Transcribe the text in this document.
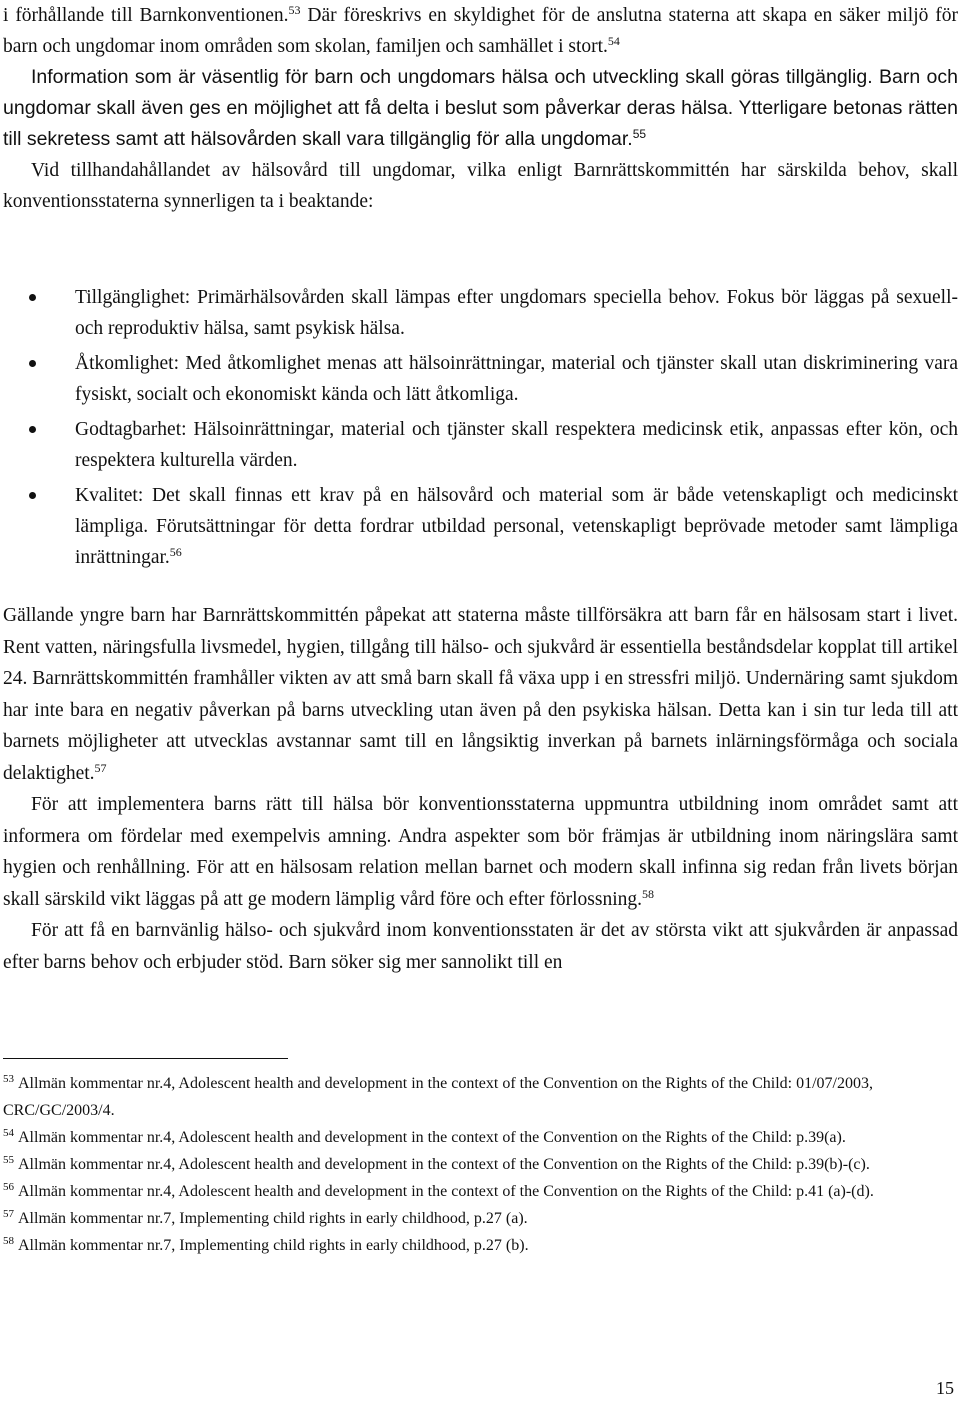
i förhållande till Barnkonventionen.$^{53}$ Där föreskrivs en skyldighet för de anslutna staterna att skapa en säker miljö för barn och ungdomar inom områden som skolan, familjen och samhället i stort.$^{54}$

Information som är väsentlig för barn och ungdomars hälsa och utveckling skall göras tillgänglig. Barn och ungdomar skall även ges en möjlighet att få delta i beslut som påverkar deras hälsa. Ytterligare betonas rätten till sekretess samt att hälsovården skall vara tillgänglig för alla ungdomar.$^{55}$

Vid tillhandahållandet av hälsovård till ungdomar, vilka enligt Barnrättskommittén har särskilda behov, skall konventionsstaterna synnerligen ta i beaktande:

Tillgänglighet: Primärhälsovården skall lämpas efter ungdomars speciella behov. Fokus bör läggas på sexuell- och reproduktiv hälsa, samt psykisk hälsa.
Åtkomlighet: Med åtkomlighet menas att hälsoinrättningar, material och tjänster skall utan diskriminering vara fysiskt, socialt och ekonomiskt kända och lätt åtkomliga.
Godtagbarhet: Hälsoinrättningar, material och tjänster skall respektera medicinsk etik, anpassas efter kön, och respektera kulturella värden.
Kvalitet: Det skall finnas ett krav på en hälsovård och material som är både vetenskapligt och medicinskt lämpliga. Förutsättningar för detta fordrar utbildad personal, vetenskapligt beprövade metoder samt lämpliga inrättningar.$^{56}$

Gällande yngre barn har Barnrättskommittén påpekat att staterna måste tillförsäkra att barn får en hälsosam start i livet. Rent vatten, näringsfulla livsmedel, hygien, tillgång till hälso- och sjukvård är essentiella beståndsdelar kopplat till artikel 24. Barnrättskommittén framhåller vikten av att små barn skall få växa upp i en stressfri miljö. Undernäring samt sjukdom har inte bara en negativ påverkan på barns utveckling utan även på den psykiska hälsan. Detta kan i sin tur leda till att barnets möjligheter att utvecklas avstannar samt till en långsiktig inverkan på barnets inlärningsförmåga och sociala delaktighet.$^{57}$

För att implementera barns rätt till hälsa bör konventionsstaterna uppmuntra utbildning inom området samt att informera om fördelar med exempelvis amning. Andra aspekter som bör främjas är utbildning inom näringslära samt hygien och renhållning. För att en hälsosam relation mellan barnet och modern skall infinna sig redan från livets början skall särskild vikt läggas på att ge modern lämplig vård före och efter förlossning.$^{58}$

För att få en barnvänlig hälso- och sjukvård inom konventionsstaten är det av största vikt att sjukvården är anpassad efter barns behov och erbjuder stöd. Barn söker sig mer sannolikt till en

$^{53}$ Allmän kommentar nr.4, Adolescent health and development in the context of the Convention on the Rights of the Child: 01/07/2003, CRC/GC/2003/4.

$^{54}$ Allmän kommentar nr.4, Adolescent health and development in the context of the Convention on the Rights of the Child: p.39(a).

$^{55}$ Allmän kommentar nr.4, Adolescent health and development in the context of the Convention on the Rights of the Child: p.39(b)-(c).

$^{56}$ Allmän kommentar nr.4, Adolescent health and development in the context of the Convention on the Rights of the Child: p.41 (a)-(d).

$^{57}$ Allmän kommentar nr.7, Implementing child rights in early childhood, p.27 (a).

$^{58}$ Allmän kommentar nr.7, Implementing child rights in early childhood, p.27 (b).

15
